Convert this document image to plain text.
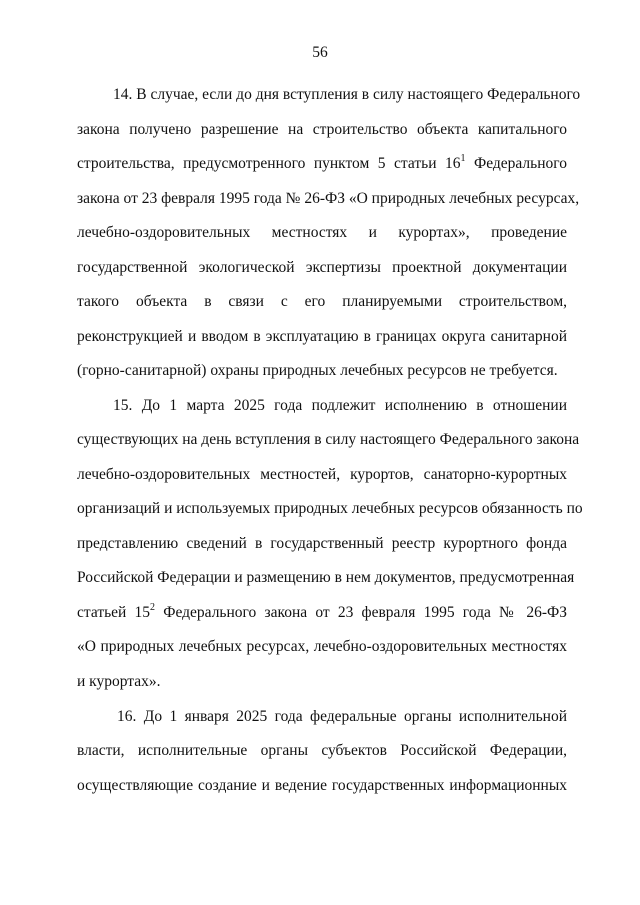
56
14. В случае, если до дня вступления в силу настоящего Федерального
закона получено разрешение на строительство объекта капитального
строительства, предусмотренного пунктом 5 статьи $16^1$ Федерального
закона от 23 февраля 1995 года № 26-ФЗ «О природных лечебных ресурсах,
лечебно-оздоровительных местностях и курортах», проведение
государственной экологической экспертизы проектной документации
такого объекта в связи с его планируемыми строительством,
реконструкцией и вводом в эксплуатацию в границах округа санитарной
(горно-санитарной) охраны природных лечебных ресурсов не требуется.
15. До 1 марта 2025 года подлежит исполнению в отношении
существующих на день вступления в силу настоящего Федерального закона
лечебно-оздоровительных местностей, курортов, санаторно-курортных
организаций и используемых природных лечебных ресурсов обязанность по
представлению сведений в государственный реестр курортного фонда
Российской Федерации и размещению в нем документов, предусмотренная
статьей $15^2$ Федерального закона от 23 февраля 1995 года № 26-ФЗ
«О природных лечебных ресурсах, лечебно-оздоровительных местностях
и курортах».
16. До 1 января 2025 года федеральные органы исполнительной
власти, исполнительные органы субъектов Российской Федерации,
осуществляющие создание и ведение государственных информационных
